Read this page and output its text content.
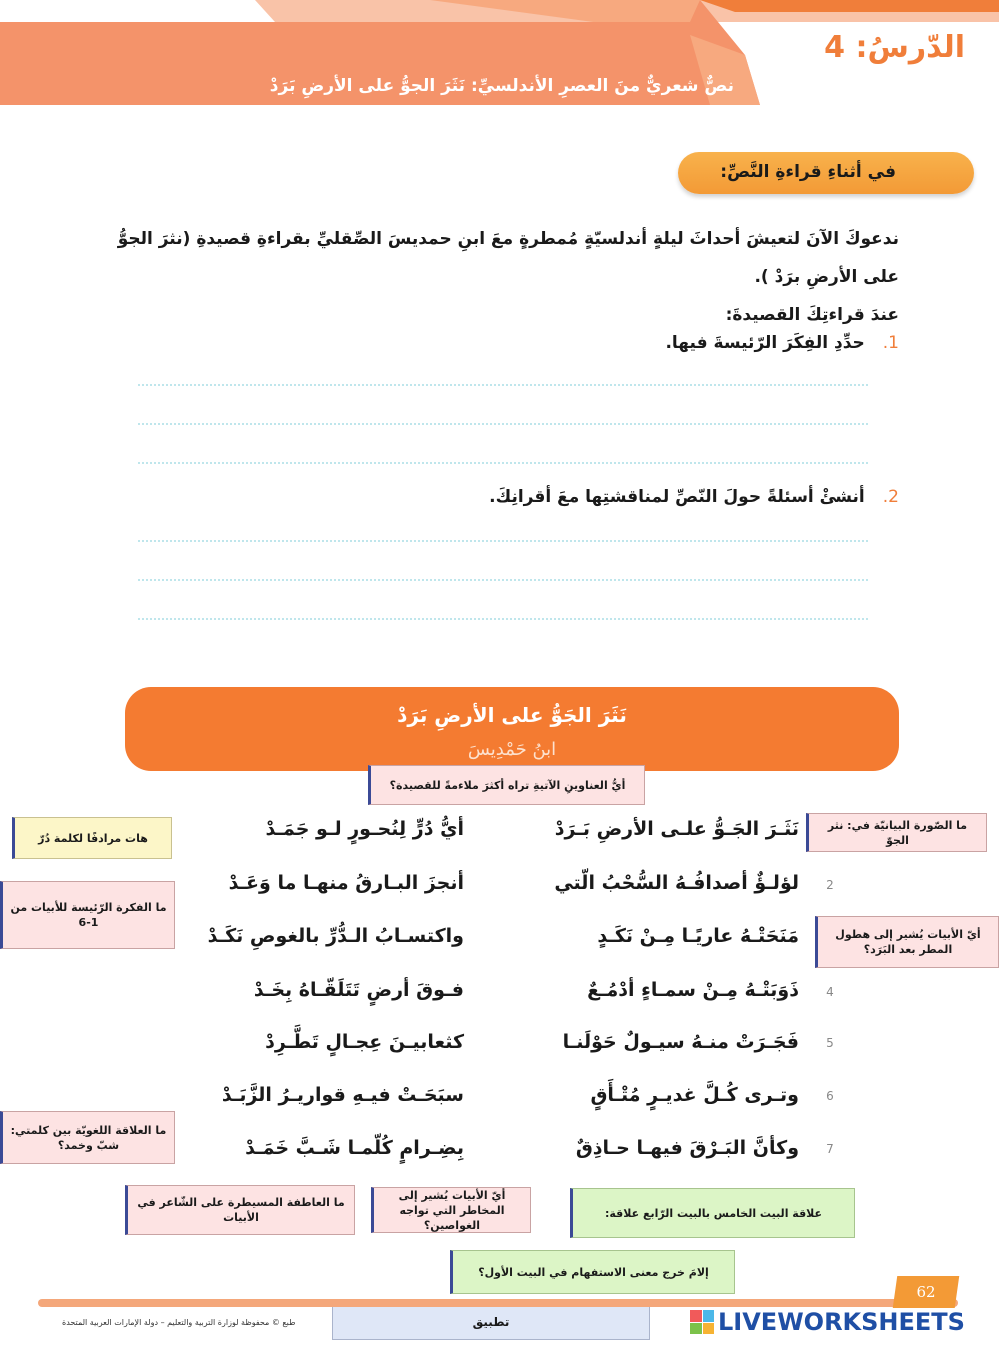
الدّرسُ: 4
نصٌّ شعريٌّ منَ العصرِ الأندلسيِّ: نَثَرَ الجوُّ على الأرضِ بَرَدْ
في أثناءِ قراءةِ النَّصِّ:
ندعوكَ الآنَ لتعيشَ أحداثَ ليلةٍ أندلسيّةٍ مُمطرةٍ معَ ابنِ حمديسَ الصِّقليِّ بقراءةِ قصيدةِ (نثرَ الجوُّ
على الأرضِ برَدْ ).
عندَ قراءتِكَ القصيدةَ:
1.حدِّدِ الفِكَرَ الرّئيسةَ فيها.
2.أنشئْ أسئلةً حولَ النّصِّ لمناقشتِها معَ أقرانِكَ.
نَثَرَ الجَوُّ على الأرضِ بَرَدْ
ابنُ حَمْدِيسَ
نَثَـرَ الجَـوُّ علـى الأرضِ بَـرَدْ
أيُّ دُرٍّ لِنُحـورٍ لـو جَمَـدْ
2
لؤلـؤٌ أصدافُـهُ السُّحْبُ الّتي
أنجزَ البـارقُ منهـا ما وَعَـدْ
مَنَحَتْـهُ عاريًـا مِـنْ نَكَـدٍ
واكتسـابُ الـدُّرِّ بالغوصِ نَكَـدْ
4
ذَوَبَتْـهُ مِـنْ سمـاءٍ أدْمُـعٌ
فـوقَ أرضٍ تَتَلَقّـاهُ بِخَـدْ
5
فَجَـرَتْ منـهُ سيـولٌ حَوْلَنـا
كثعابيـنَ عِجـالٍ تَطَّـرِدْ
6
وتـرى كُـلَّ غديـرٍ مُتْـأَقٍ
سبَحَـتْ فيـهِ قواريـرُ الزَّبَـدْ
7
وكأنَّ البَـرْقَ فيهـا حـاذِقٌ
بِضِـرامٍ كُلّمـا شَـبَّ خَمَـدْ
أيُّ العناوينِ الآتيةِ تراه أكثرَ ملاءمةً للقصيدة؟
هات مرادفًا لكلمة دُرّ
ما الفكرة الرّئيسة للأبيات من 1-6
ما العلاقة اللغويّة بين كلمتي: شبّ وخمد؟
ما الصّورة البيانيّة في: نثر الجوّ
أيّ الأبيات يُشير إلى هطول المطر بعد البَرَد؟
ما العاطفة المسيطرة على الشّاعر في الأبيات
أيّ الأبيات يُشير إلى المخاطر التي تواجه الغواصين؟
علاقة البيت الخامس بالبيت الرّابع علاقة:
إلامَ خرج معنى الاستفهام في البيت الأول؟
تطبيق
62
طبع © محفوظة لوزارة التربية والتعليم – دولة الإمارات العربية المتحدة	LIVEWORKSHEETS
